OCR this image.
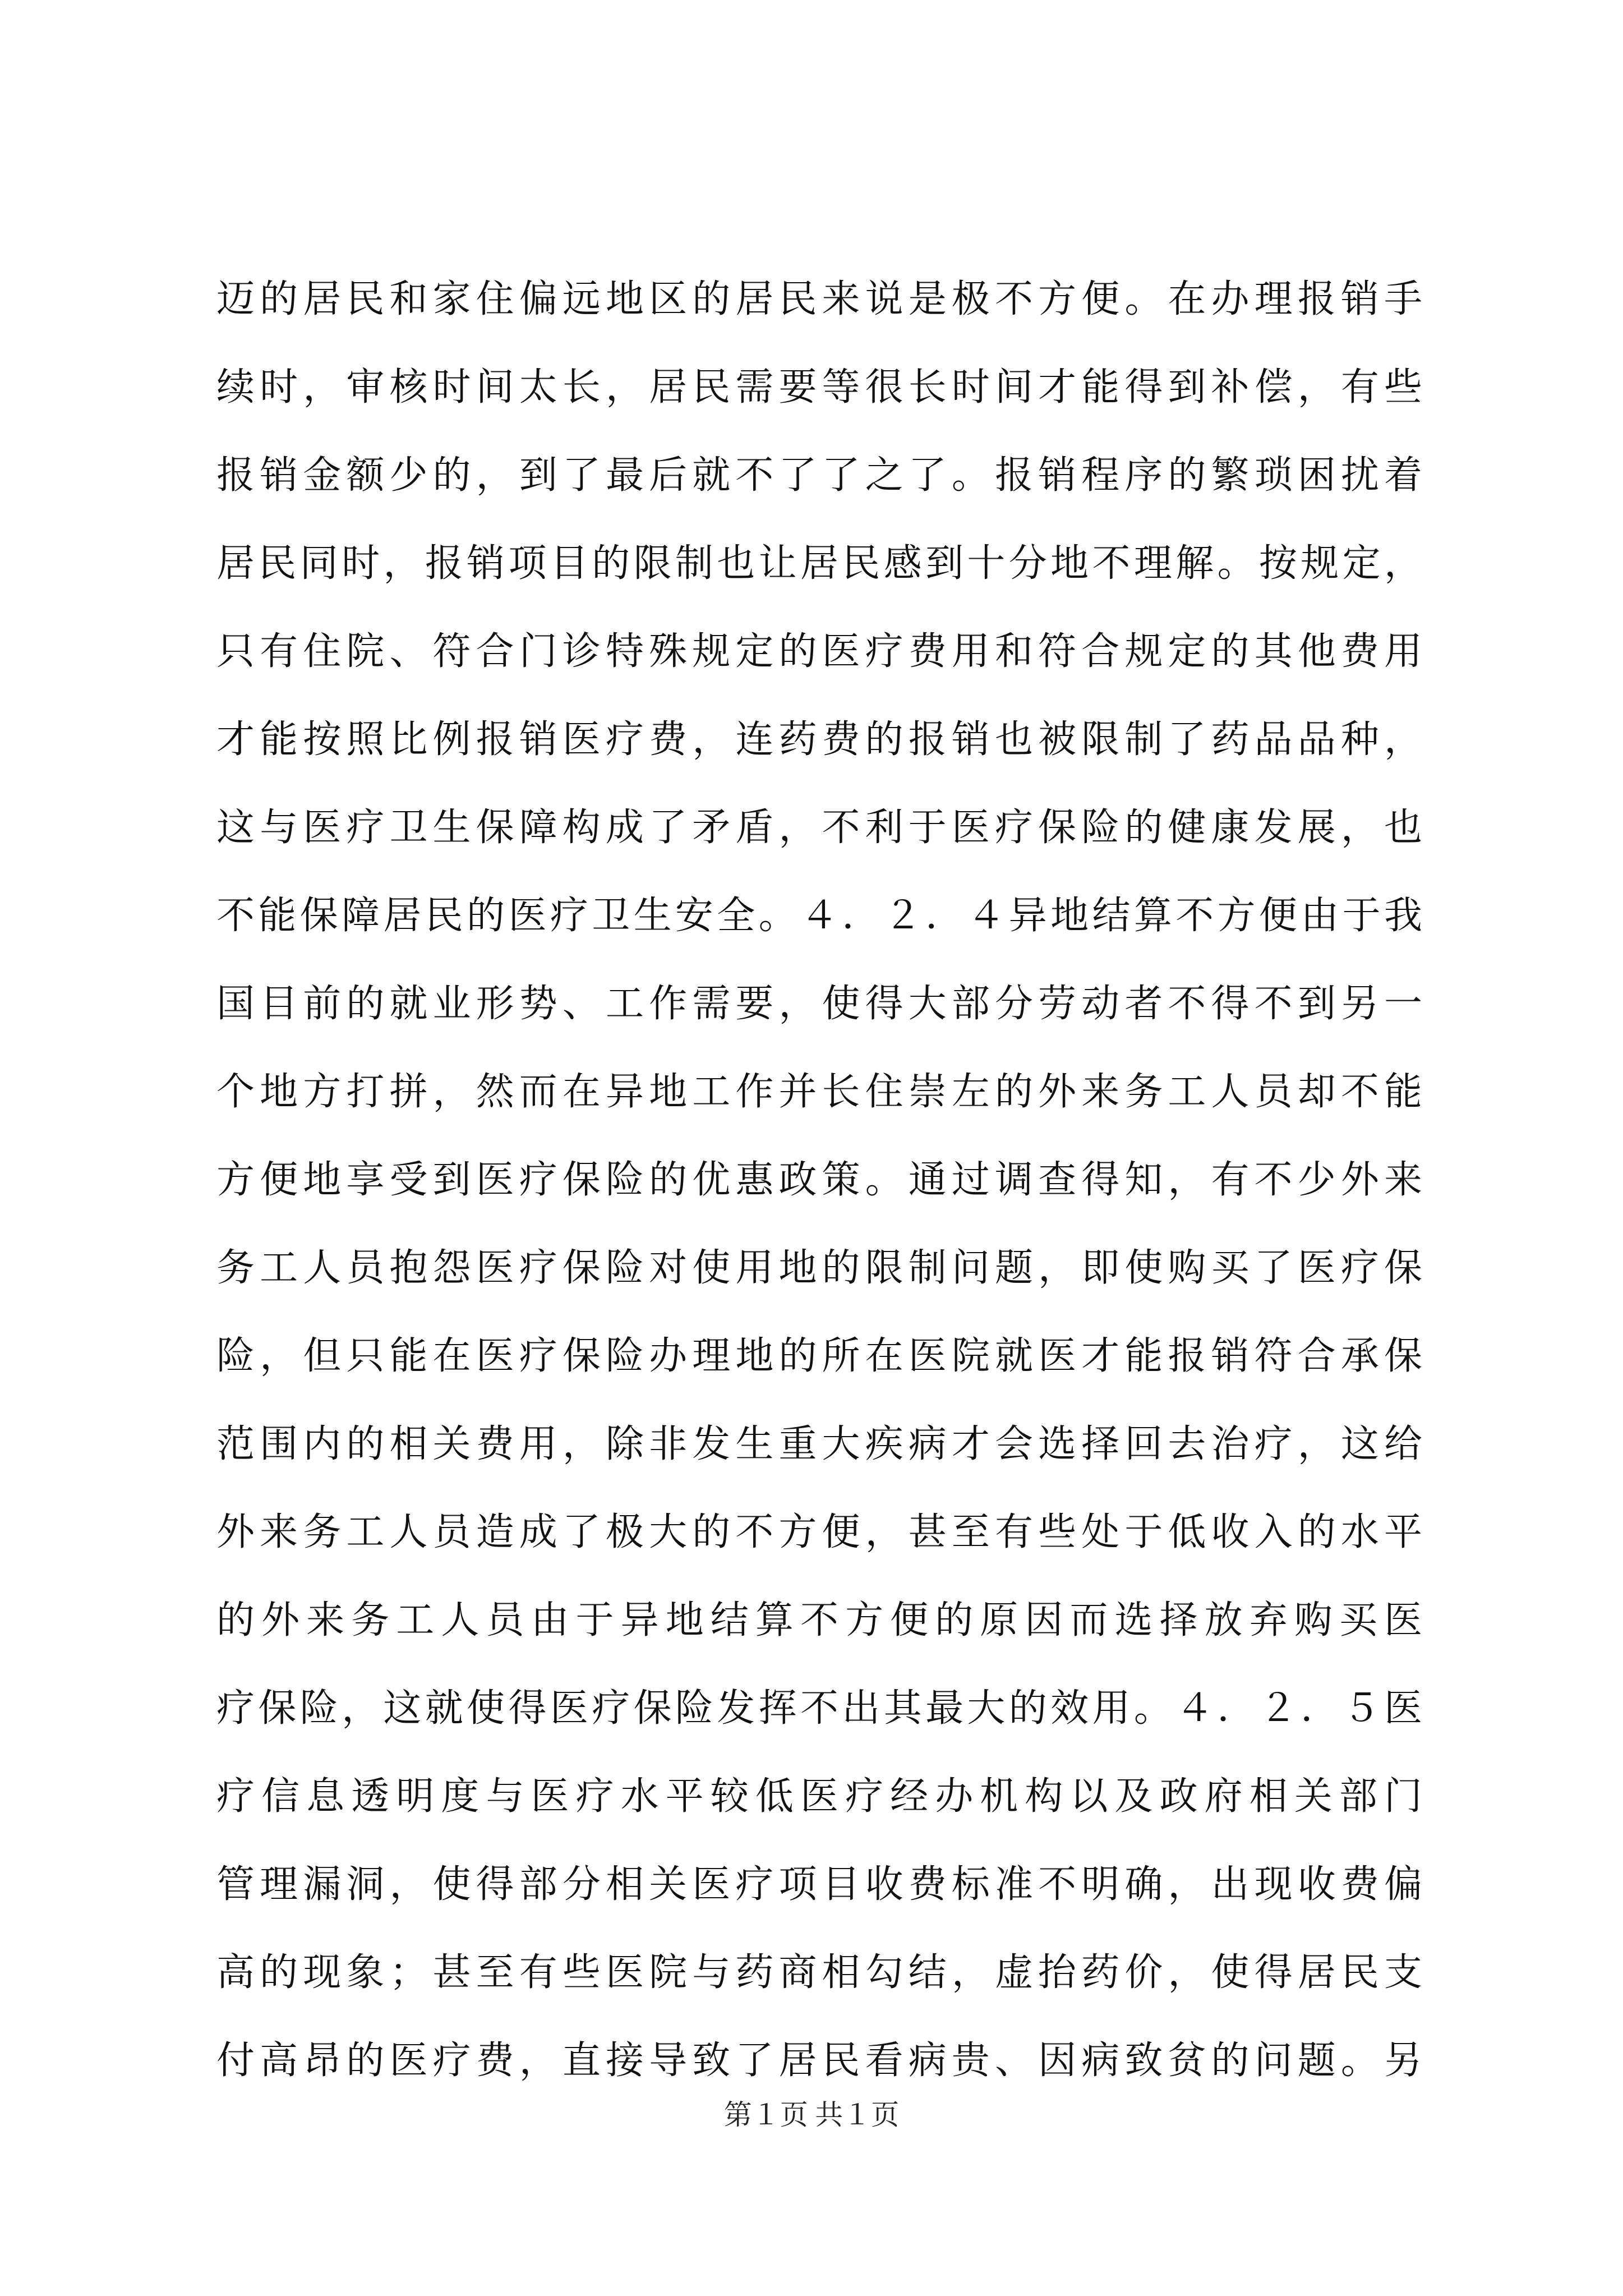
迈的居民和家住偏远地区的居民来说是极不方便。在办理报销手
续时，审核时间太长，居民需要等很长时间才能得到补偿，有些
报销金额少的，到了最后就不了了之了。报销程序的繁琐困扰着
居民同时，报销项目的限制也让居民感到十分地不理解。按规定，
只有住院、符合门诊特殊规定的医疗费用和符合规定的其他费用
才能按照比例报销医疗费，连药费的报销也被限制了药品品种，
这与医疗卫生保障构成了矛盾，不利于医疗保险的健康发展，也
不能保障居民的医疗卫生安全。４．２．４异地结算不方便由于我
国目前的就业形势、工作需要，使得大部分劳动者不得不到另一
个地方打拼，然而在异地工作并长住崇左的外来务工人员却不能
方便地享受到医疗保险的优惠政策。通过调查得知，有不少外来
务工人员抱怨医疗保险对使用地的限制问题，即使购买了医疗保
险，但只能在医疗保险办理地的所在医院就医才能报销符合承保
范围内的相关费用，除非发生重大疾病才会选择回去治疗，这给
外来务工人员造成了极大的不方便，甚至有些处于低收入的水平
的外来务工人员由于异地结算不方便的原因而选择放弃购买医
疗保险，这就使得医疗保险发挥不出其最大的效用。４．２．５医
疗信息透明度与医疗水平较低医疗经办机构以及政府相关部门
管理漏洞，使得部分相关医疗项目收费标准不明确，出现收费偏
高的现象；甚至有些医院与药商相勾结，虚抬药价，使得居民支
付高昂的医疗费，直接导致了居民看病贵、因病致贫的问题。另
第１页 共１页
